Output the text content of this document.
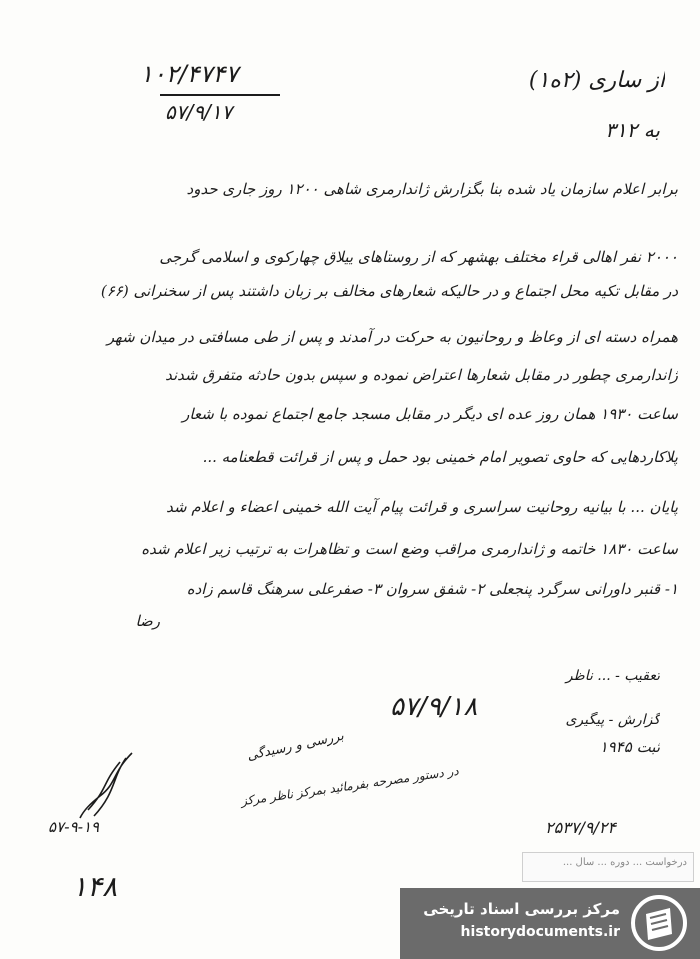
۱۰۲/۴۷۴۷
۵۷/۹/۱۷
از ساری (۲ه۱)
به ۳۱۲
برابر اعلام سازمان یاد شده بنا بگزارش ژاندارمری شاهی ۱۲۰۰ روز جاری حدود
۲۰۰۰ نفر اهالی قراء مختلف بهشهر که از روستاهای ییلاق چهارکوی و اسلامی گرجی
در مقابل تکیه محل اجتماع و در حالیکه شعارهای مخالف بر زبان داشتند پس از سخنرانی (۶۶)
همراه دسته ای از وعاظ و روحانیون به حرکت در آمدند و پس از طی مسافتی در میدان شهر
ژاندارمری چطور در مقابل شعارها اعتراض نموده و سپس بدون حادثه متفرق شدند
ساعت ۱۹۳۰ همان روز عده ای دیگر در مقابل مسجد جامع اجتماع نموده با شعار
پلاکاردهایی که حاوی تصویر امام خمینی بود حمل و پس از قرائت قطعنامه ...
پایان ... با بیانیه روحانیت سراسری و قرائت پیام آیت الله خمینی اعضاء و اعلام شد
ساعت ۱۸۳۰ خاتمه و ژاندارمری مراقب وضع است و تظاهرات به ترتیب زیر اعلام شده
۱- قنبر داورانی سرگرد پنجعلی ۲- شفق سروان ۳- صفرعلی سرهنگ قاسم زاده
رضا
۵۷/۹/۱۸
تعقیب - ... ناظر
گزارش - پیگیری
ثبت ۱۹۴۵
بررسی و رسیدگی
در دستور مصرحه بفرمائید بمرکز ناظر مرکز
۵۷-۹-۱۹	۲۵۳۷/۹/۲۴
درخواست ... دوره ... سال ...
۱۴۸
مرکز بررسی اسناد تاریخی
historydocuments.ir
